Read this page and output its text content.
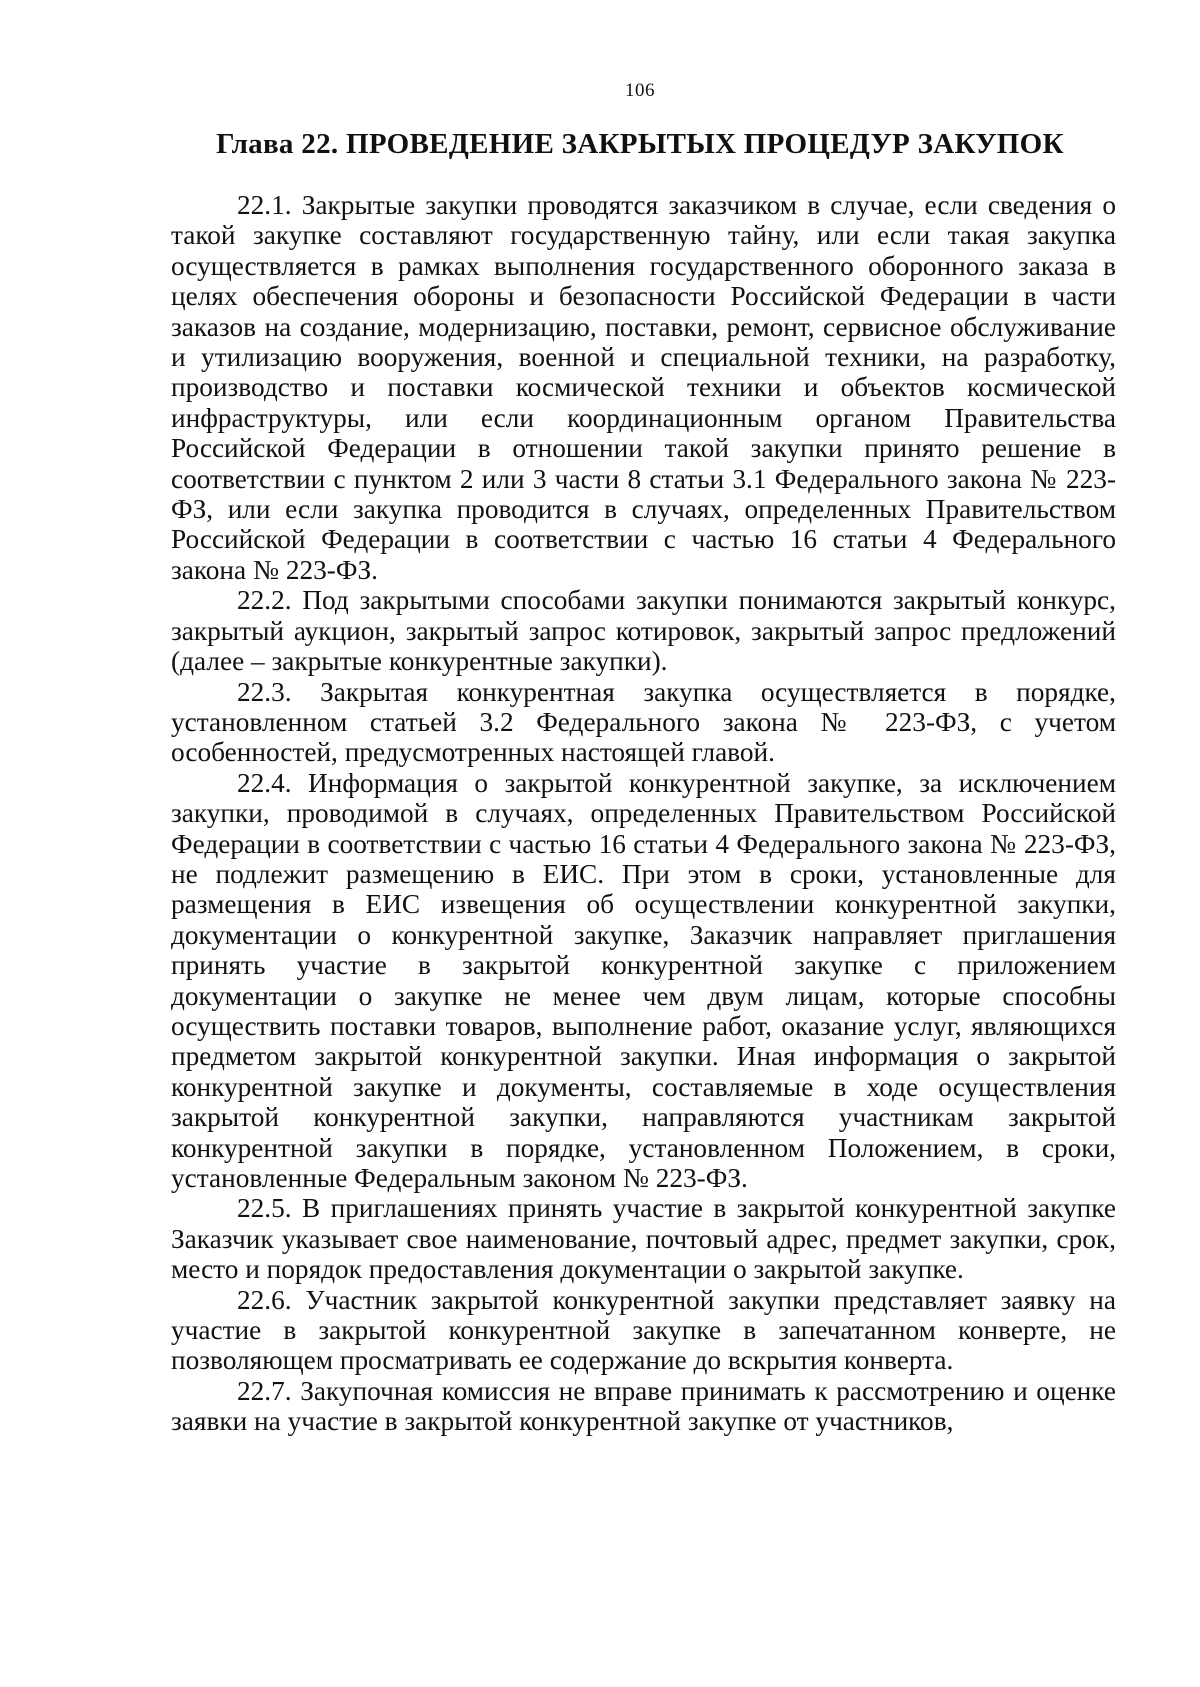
106
Глава 22. ПРОВЕДЕНИЕ ЗАКРЫТЫХ ПРОЦЕДУР ЗАКУПОК

22.1. Закрытые закупки проводятся заказчиком в случае, если сведения о такой закупке составляют государственную тайну, или если такая закупка осуществляется в рамках выполнения государственного оборонного заказа в целях обеспечения обороны и безопасности Российской Федерации в части заказов на создание, модернизацию, поставки, ремонт, сервисное обслуживание и утилизацию вооружения, военной и специальной техники, на разработку, производство и поставки космической техники и объектов космической инфраструктуры, или если координационным органом Правительства Российской Федерации в отношении такой закупки принято решение в соответствии с пунктом 2 или 3 части 8 статьи 3.1 Федерального закона № 223-ФЗ, или если закупка проводится в случаях, определенных Правительством Российской Федерации в соответствии с частью 16 статьи 4 Федерального закона № 223-ФЗ.

22.2. Под закрытыми способами закупки понимаются закрытый конкурс, закрытый аукцион, закрытый запрос котировок, закрытый запрос предложений (далее – закрытые конкурентные закупки).

22.3. Закрытая конкурентная закупка осуществляется в порядке, установленном статьей 3.2 Федерального закона № 223-ФЗ, с учетом особенностей, предусмотренных настоящей главой.

22.4. Информация о закрытой конкурентной закупке, за исключением закупки, проводимой в случаях, определенных Правительством Российской Федерации в соответствии с частью 16 статьи 4 Федерального закона № 223-ФЗ, не подлежит размещению в ЕИС. При этом в сроки, установленные для размещения в ЕИС извещения об осуществлении конкурентной закупки, документации о конкурентной закупке, Заказчик направляет приглашения принять участие в закрытой конкурентной закупке с приложением документации о закупке не менее чем двум лицам, которые способны осуществить поставки товаров, выполнение работ, оказание услуг, являющихся предметом закрытой конкурентной закупки. Иная информация о закрытой конкурентной закупке и документы, составляемые в ходе осуществления закрытой конкурентной закупки, направляются участникам закрытой конкурентной закупки в порядке, установленном Положением, в сроки, установленные Федеральным законом № 223-ФЗ.

22.5. В приглашениях принять участие в закрытой конкурентной закупке Заказчик указывает свое наименование, почтовый адрес, предмет закупки, срок, место и порядок предоставления документации о закрытой закупке.

22.6. Участник закрытой конкурентной закупки представляет заявку на участие в закрытой конкурентной закупке в запечатанном конверте, не позволяющем просматривать ее содержание до вскрытия конверта.

22.7. Закупочная комиссия не вправе принимать к рассмотрению и оценке заявки на участие в закрытой конкурентной закупке от участников,
